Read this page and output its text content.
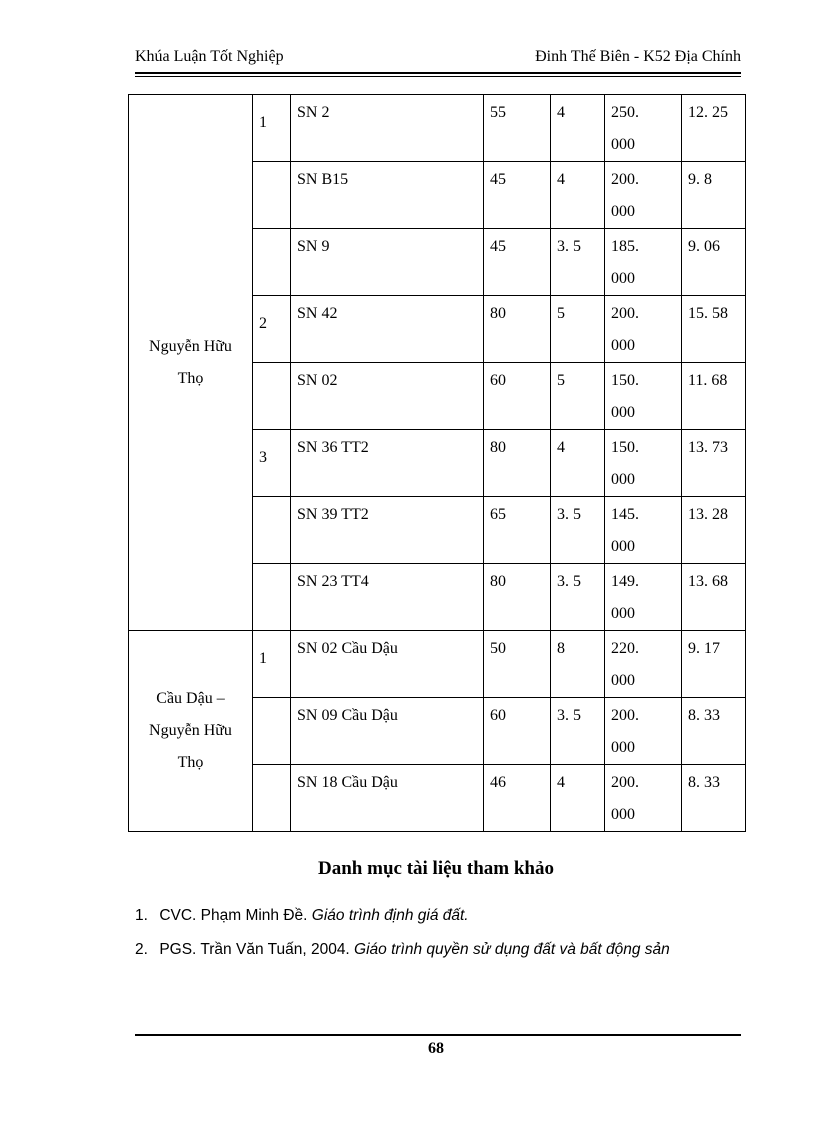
Khúa Luận Tốt Nghiệp	Đinh Thế Biên - K52 Địa Chính
Nguyễn Hữu Thọ	1	SN 2	55	4	250.
000	12. 25
		SN B15	45	4	200.
000	9. 8
		SN 9	45	3. 5	185.
000	9. 06
	2	SN 42	80	5	200.
000	15. 58
		SN 02	60	5	150.
000	11. 68
	3	SN 36 TT2	80	4	150.
000	13. 73
		SN 39 TT2	65	3. 5	145.
000	13. 28
		SN 23 TT4	80	3. 5	149.
000	13. 68
Cầu Dậu – Nguyễn Hữu Thọ	1	SN 02 Cầu Dậu	50	8	220.
000	9. 17
		SN 09 Cầu Dậu	60	3. 5	200.
000	8. 33
		SN 18 Cầu Dậu	46	4	200.
000	8. 33
Danh mục tài liệu tham khảo
1. CVC. Phạm Minh Đề. Giáo trình định giá đất.
2. PGS. Trần Văn Tuấn, 2004. Giáo trình quyền sử dụng đất và bất động sản
68
